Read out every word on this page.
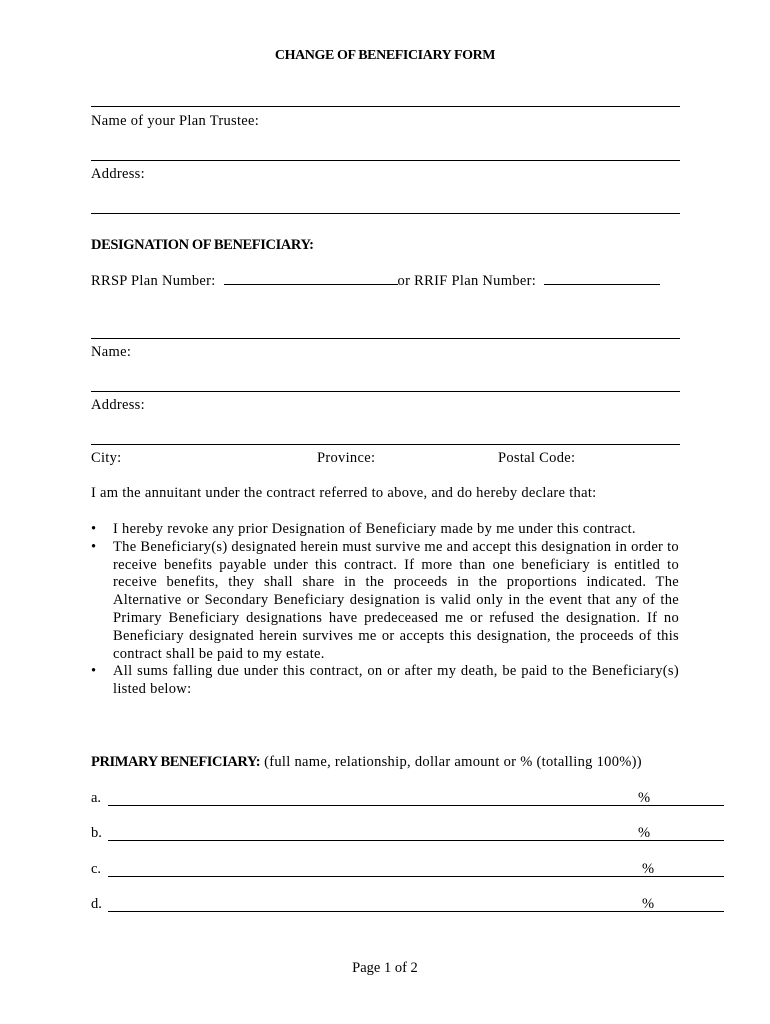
CHANGE OF BENEFICIARY FORM
Name of your Plan Trustee:
Address:
DESIGNATION OF BENEFICIARY:
RRSP Plan Number:	or RRIF Plan Number:
Name:
Address:
City:	Province:	Postal Code:
I am the annuitant under the contract referred to above, and do hereby declare that:
• I hereby revoke any prior Designation of Beneficiary made by me under this contract.
• The Beneficiary(s) designated herein must survive me and accept this designation in order to receive benefits payable under this contract. If more than one beneficiary is entitled to receive benefits, they shall share in the proceeds in the proportions indicated. The Alternative or Secondary Beneficiary designation is valid only in the event that any of the Primary Beneficiary designations have predeceased me or refused the designation. If no Beneficiary designated herein survives me or accepts this designation, the proceeds of this contract shall be paid to my estate.
• All sums falling due under this contract, on or after my death, be paid to the Beneficiary(s) listed below:
PRIMARY BENEFICIARY: (full name, relationship, dollar amount or % (totalling 100%))
a.	%
b.	%
c.	%
d.	%
Page 1 of 2
